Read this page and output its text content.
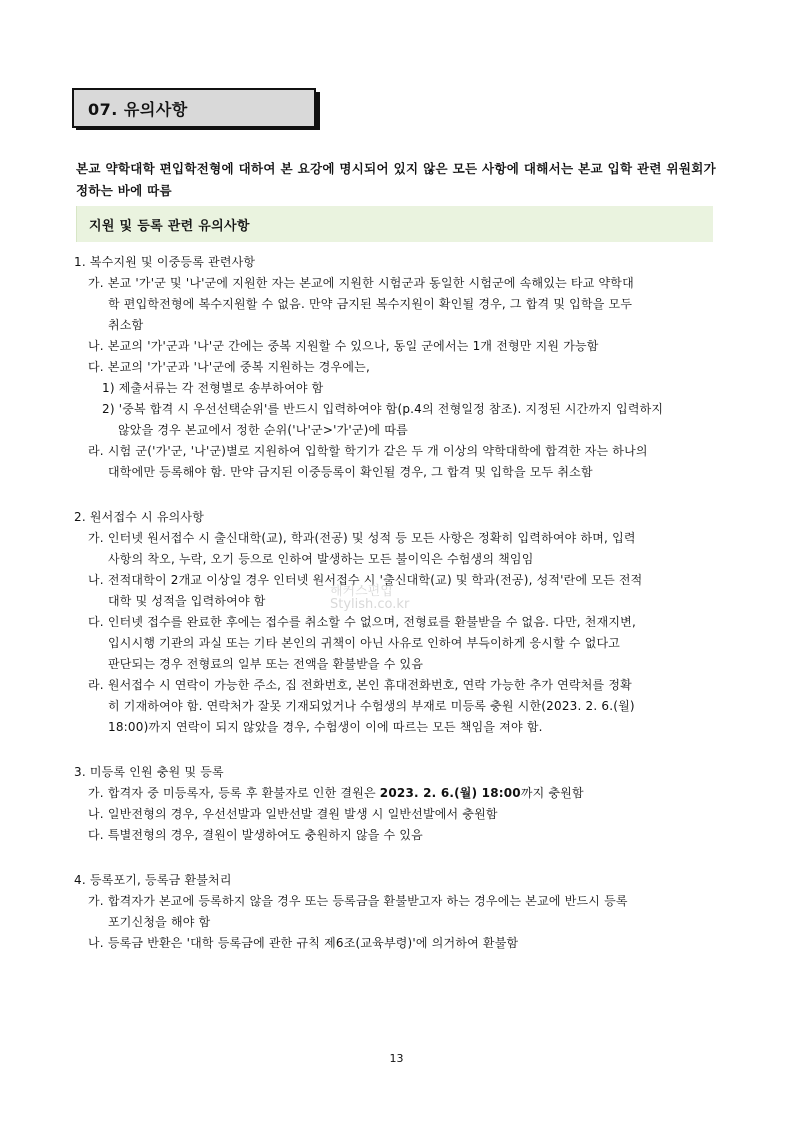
07. 유의사항
본교 약학대학 편입학전형에 대하여 본 요강에 명시되어 있지 않은 모든 사항에 대해서는 본교 입학 관련 위원회가 정하는 바에 따름
지원 및 등록 관련 유의사항
1. 복수지원 및 이중등록 관련사항
가. 본교 '가'군 및 '나'군에 지원한 자는 본교에 지원한 시험군과 동일한 시험군에 속해있는 타교 약학대
학 편입학전형에 복수지원할 수 없음. 만약 금지된 복수지원이 확인될 경우, 그 합격 및 입학을 모두
취소함
나. 본교의 '가'군과 '나'군 간에는 중복 지원할 수 있으나, 동일 군에서는 1개 전형만 지원 가능함
다. 본교의 '가'군과 '나'군에 중복 지원하는 경우에는,
1) 제출서류는 각 전형별로 송부하여야 함
2) '중복 합격 시 우선선택순위'를 반드시 입력하여야 함(p.4의 전형일정 참조). 지정된 시간까지 입력하지
않았을 경우 본교에서 정한 순위('나'군>'가'군)에 따름
라. 시험 군('가'군, '나'군)별로 지원하여 입학할 학기가 같은 두 개 이상의 약학대학에 합격한 자는 하나의
대학에만 등록해야 함. 만약 금지된 이중등록이 확인될 경우, 그 합격 및 입학을 모두 취소함
2. 원서접수 시 유의사항
가. 인터넷 원서접수 시 출신대학(교), 학과(전공) 및 성적 등 모든 사항은 정확히 입력하여야 하며, 입력
사항의 착오, 누락, 오기 등으로 인하여 발생하는 모든 불이익은 수험생의 책임임
나. 전적대학이 2개교 이상일 경우 인터넷 원서접수 시 '출신대학(교) 및 학과(전공), 성적'란에 모든 전적
대학 및 성적을 입력하여야 함
다. 인터넷 접수를 완료한 후에는 접수를 취소할 수 없으며, 전형료를 환불받을 수 없음. 다만, 천재지변,
입시시행 기관의 과실 또는 기타 본인의 귀책이 아닌 사유로 인하여 부득이하게 응시할 수 없다고
판단되는 경우 전형료의 일부 또는 전액을 환불받을 수 있음
라. 원서접수 시 연락이 가능한 주소, 집 전화번호, 본인 휴대전화번호, 연락 가능한 추가 연락처를 정확
히 기재하여야 함. 연락처가 잘못 기재되었거나 수험생의 부재로 미등록 충원 시한(2023. 2. 6.(월)
18:00)까지 연락이 되지 않았을 경우, 수험생이 이에 따르는 모든 책임을 져야 함.
3. 미등록 인원 충원 및 등록
가. 합격자 중 미등록자, 등록 후 환불자로 인한 결원은 2023. 2. 6.(월) 18:00까지 충원함
나. 일반전형의 경우, 우선선발과 일반선발 결원 발생 시 일반선발에서 충원함
다. 특별전형의 경우, 결원이 발생하여도 충원하지 않을 수 있음
4. 등록포기, 등록금 환불처리
가. 합격자가 본교에 등록하지 않을 경우 또는 등록금을 환불받고자 하는 경우에는 본교에 반드시 등록
포기신청을 해야 함
나. 등록금 반환은 '대학 등록금에 관한 규칙 제6조(교육부령)'에 의거하여 환불함
해커스편입
Stylish.co.kr
13
